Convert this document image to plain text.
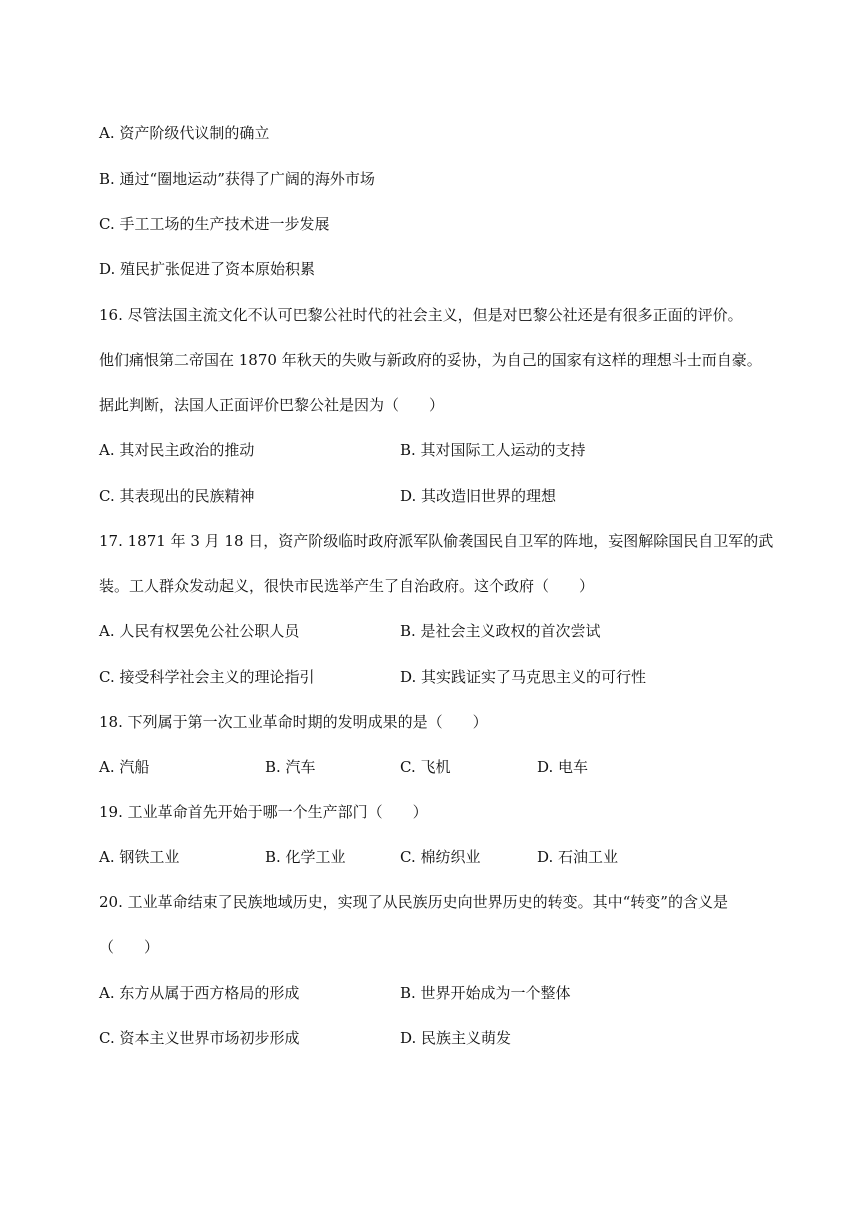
A. 资产阶级代议制的确立
B. 通过“圈地运动”获得了广阔的海外市场
C. 手工工场的生产技术进一步发展
D. 殖民扩张促进了资本原始积累
16. 尽管法国主流文化不认可巴黎公社时代的社会主义，但是对巴黎公社还是有很多正面的评价。
他们痛恨第二帝国在 1870 年秋天的失败与新政府的妥协，为自己的国家有这样的理想斗士而自豪。
据此判断，法国人正面评价巴黎公社是因为（　　）
A. 其对民主政治的推动	B. 其对国际工人运动的支持
C. 其表现出的民族精神	D. 其改造旧世界的理想
17. 1871 年 3 月 18 日，资产阶级临时政府派军队偷袭国民自卫军的阵地，妄图解除国民自卫军的武
装。工人群众发动起义，很快市民选举产生了自治政府。这个政府（　　）
A. 人民有权罢免公社公职人员	B. 是社会主义政权的首次尝试
C. 接受科学社会主义的理论指引	D. 其实践证实了马克思主义的可行性
18. 下列属于第一次工业革命时期的发明成果的是（　　）
A. 汽船	B. 汽车	C. 飞机	D. 电车
19. 工业革命首先开始于哪一个生产部门（　　）
A. 钢铁工业	B. 化学工业	C. 棉纺织业	D. 石油工业
20. 工业革命结束了民族地域历史，实现了从民族历史向世界历史的转变。其中“转变”的含义是
（　　）
A. 东方从属于西方格局的形成	B. 世界开始成为一个整体
C. 资本主义世界市场初步形成	D. 民族主义萌发
